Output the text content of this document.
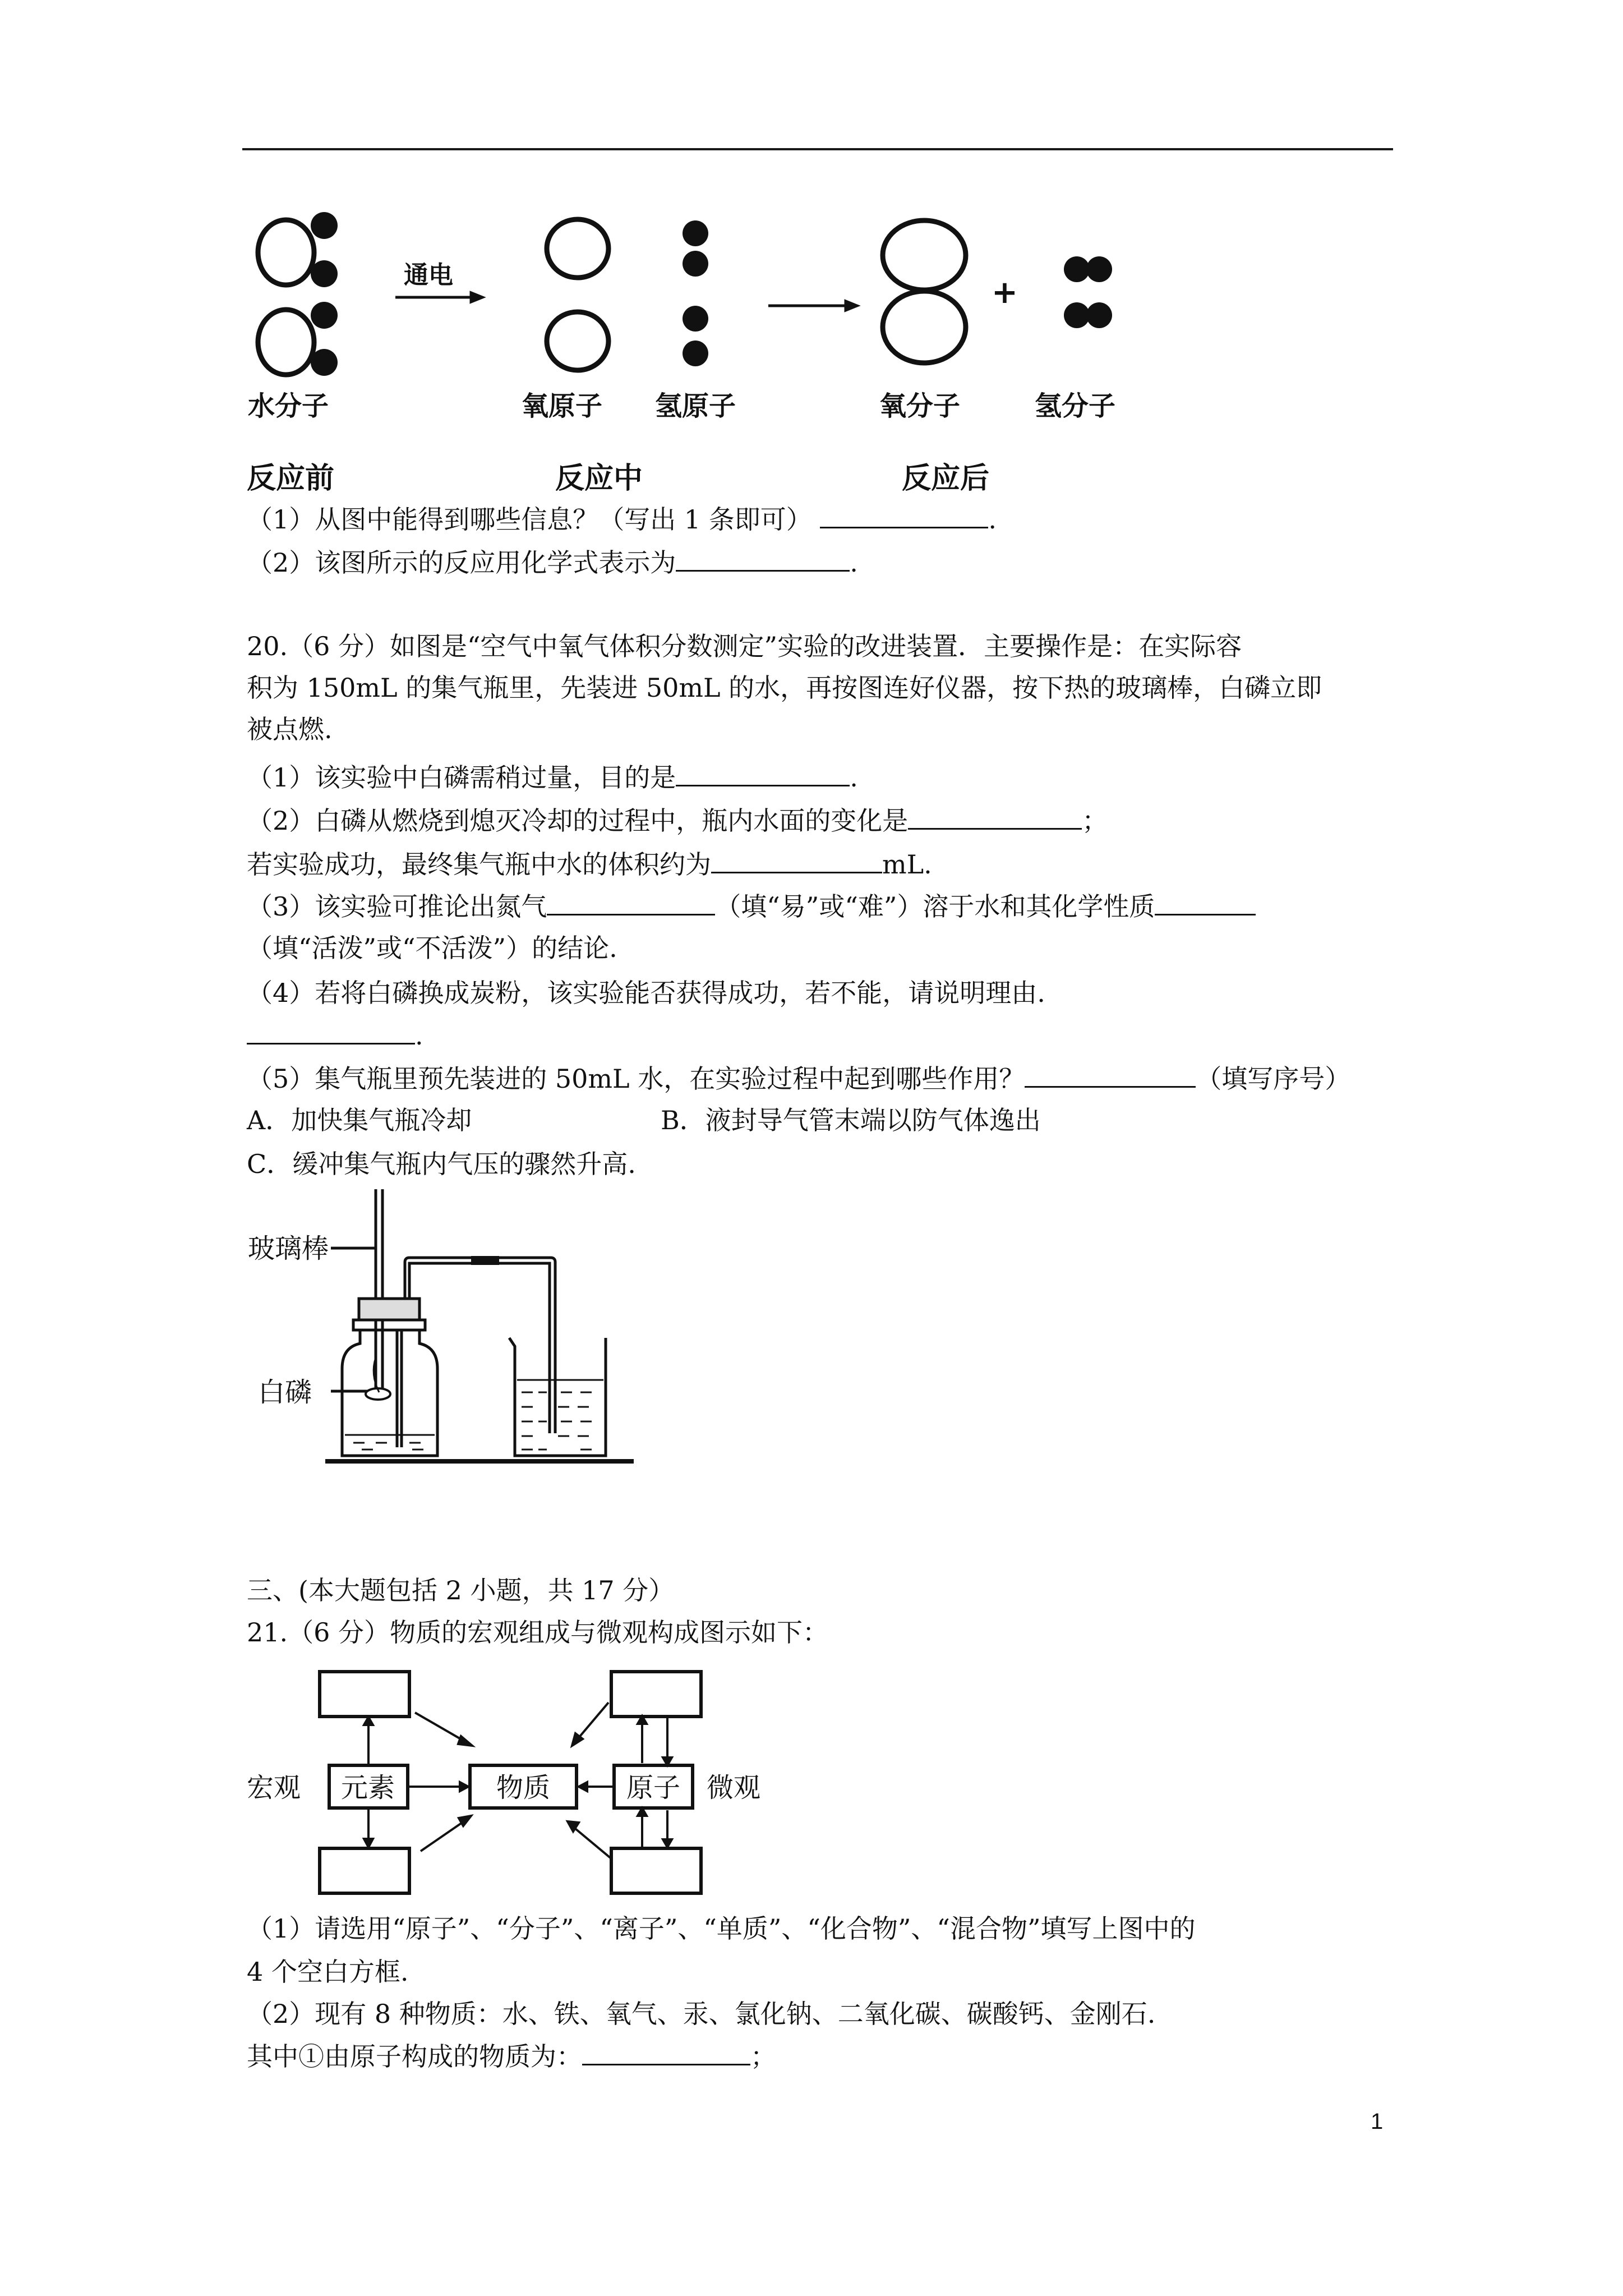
通电	+
水分子	氧原子 氢原子	氧分子	氢分子
反应前	反应中	反应后
（1）从图中能得到哪些信息？（写出 1 条即可）	.
（2）该图所示的反应用化学式表示为	.
20.（6 分）如图是“空气中氧气体积分数测定”实验的改进装置．主要操作是：在实际容
积为 150mL 的集气瓶里，先装进 50mL 的水，再按图连好仪器，按下热的玻璃棒，白磷立即
被点燃.
（1）该实验中白磷需稍过量，目的是	.
（2）白磷从燃烧到熄灭冷却的过程中，瓶内水面的变化是	；
若实验成功，最终集气瓶中水的体积约为	mL.
（3）该实验可推论出氮气	（填“易”或“难”）溶于水和其化学性质
（填“活泼”或“不活泼”）的结论.
（4）若将白磷换成炭粉，该实验能否获得成功，若不能，请说明理由.
.
（5）集气瓶里预先装进的 50mL 水，在实验过程中起到哪些作用？	（填写序号）
A．加快集气瓶冷却	B．液封导气管末端以防气体逸出
C．缓冲集气瓶内气压的骤然升高.
玻璃棒
白磷
三、(本大题包括 2 小题，共 17 分）
21.（6 分）物质的宏观组成与微观构成图示如下：
宏观 元素	物质	原子 微观
（1）请选用“原子”、“分子”、“离子”、“单质”、“化合物”、“混合物”填写上图中的
4 个空白方框.
（2）现有 8 种物质：水、铁、氧气、汞、氯化钠、二氧化碳、碳酸钙、金刚石.
其中①由原子构成的物质为：	；
1
